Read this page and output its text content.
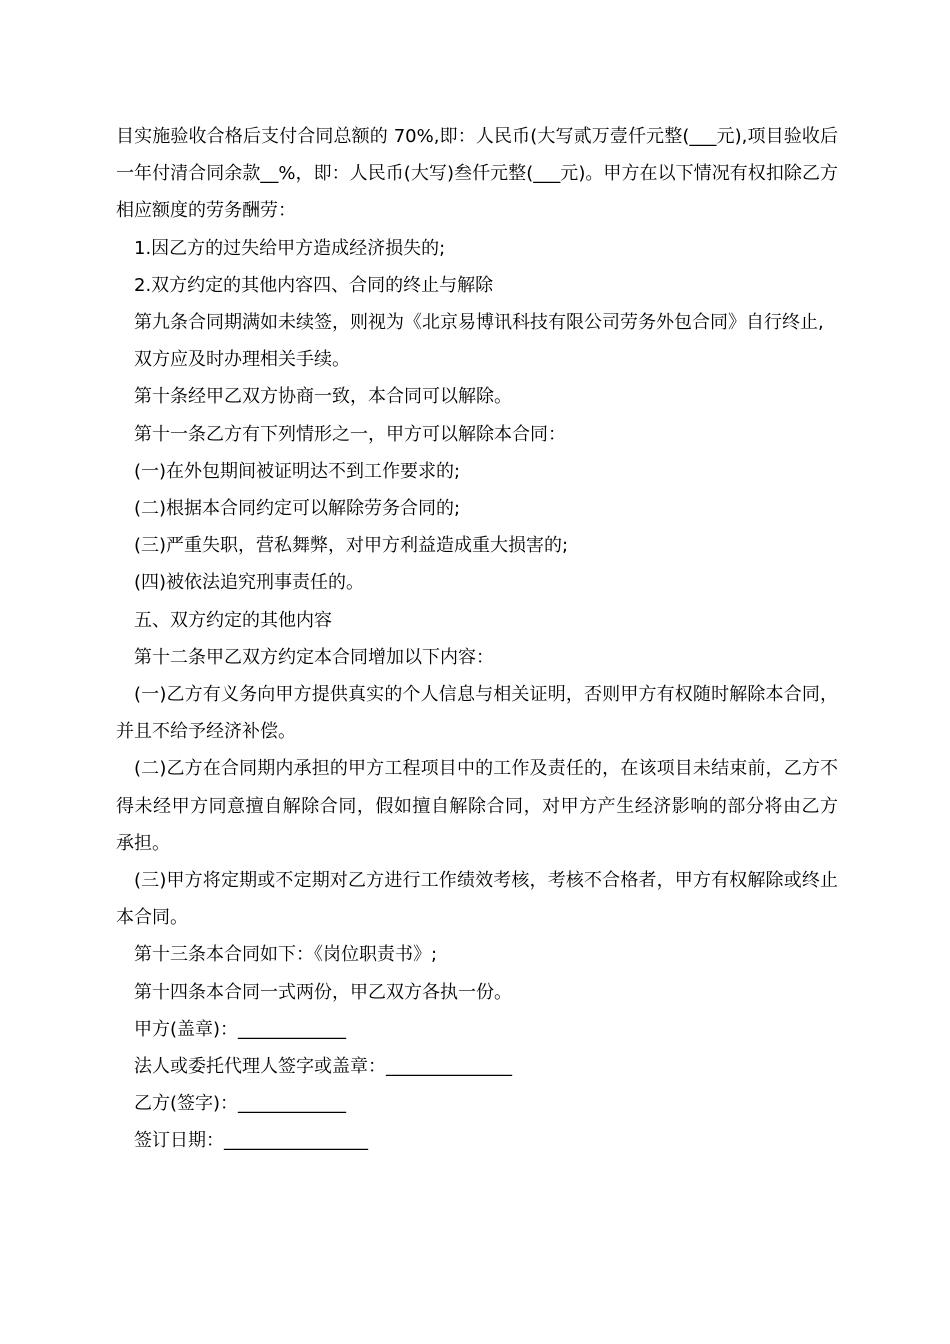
目实施验收合格后支付合同总额的 70%,即：人民币(大写贰万壹仟元整(___元),项目验收后一年付清合同余款__%，即：人民币(大写)叁仟元整(___元)。甲方在以下情况有权扣除乙方相应额度的劳务酬劳：

1.因乙方的过失给甲方造成经济损失的;

2.双方约定的其他内容四、合同的终止与解除

第九条合同期满如未续签，则视为《北京易博讯科技有限公司劳务外包合同》自行终止,

双方应及时办理相关手续。

第十条经甲乙双方协商一致，本合同可以解除。

第十一条乙方有下列情形之一，甲方可以解除本合同：

(一)在外包期间被证明达不到工作要求的;

(二)根据本合同约定可以解除劳务合同的;

(三)严重失职，营私舞弊，对甲方利益造成重大损害的;

(四)被依法追究刑事责任的。

五、双方约定的其他内容

第十二条甲乙双方约定本合同增加以下内容：

(一)乙方有义务向甲方提供真实的个人信息与相关证明，否则甲方有权随时解除本合同，并且不给予经济补偿。

(二)乙方在合同期内承担的甲方工程项目中的工作及责任的，在该项目未结束前，乙方不得未经甲方同意擅自解除合同，假如擅自解除合同，对甲方产生经济影响的部分将由乙方　承担。

(三)甲方将定期或不定期对乙方进行工作绩效考核，考核不合格者，甲方有权解除或终止本合同。

第十三条本合同如下：《岗位职责书》;

第十四条本合同一式两份，甲乙双方各执一份。

甲方(盖章)：____________

法人或委托代理人签字或盖章：______________

乙方(签字)：____________

签订日期：________________
